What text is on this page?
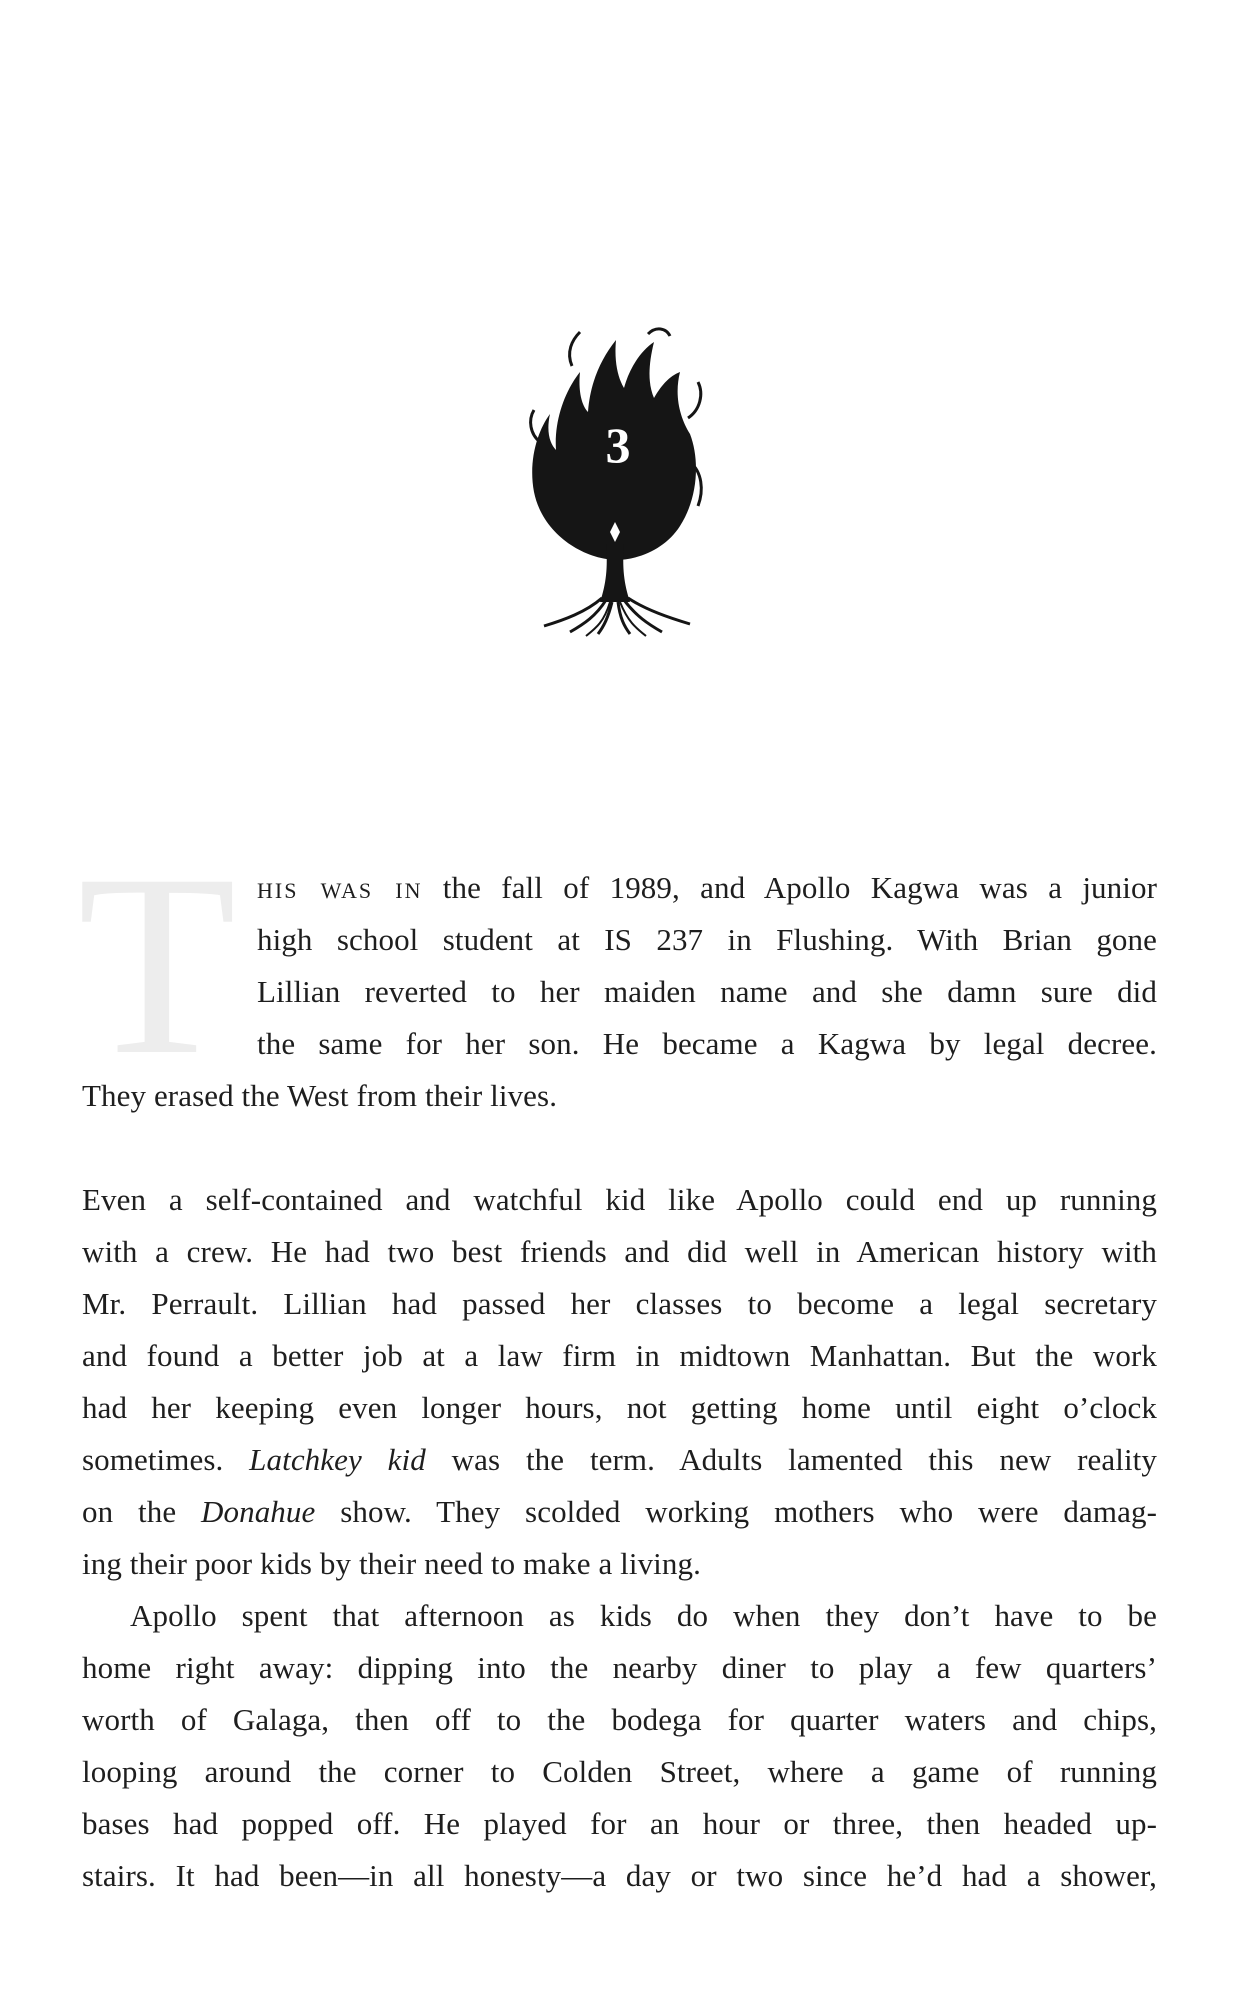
3
T his was in the fall of 1989, and Apollo Kagwa was a junior
high school student at IS 237 in Flushing. With Brian gone
Lillian reverted to her maiden name and she damn sure did
the same for her son. He became a Kagwa by legal decree.
They erased the West from their lives.
Even a self-contained and watchful kid like Apollo could end up running
with a crew. He had two best friends and did well in American history with
Mr. Perrault. Lillian had passed her classes to become a legal secretary
and found a better job at a law firm in midtown Manhattan. But the work
had her keeping even longer hours, not getting home until eight o’clock
sometimes. Latchkey kid was the term. Adults lamented this new reality
on the Donahue show. They scolded working mothers who were damag-
ing their poor kids by their need to make a living.
Apollo spent that afternoon as kids do when they don’t have to be
home right away: dipping into the nearby diner to play a few quarters’
worth of Galaga, then off to the bodega for quarter waters and chips,
looping around the corner to Colden Street, where a game of running
bases had popped off. He played for an hour or three, then headed up-
stairs. It had been—in all honesty—a day or two since he’d had a shower,
